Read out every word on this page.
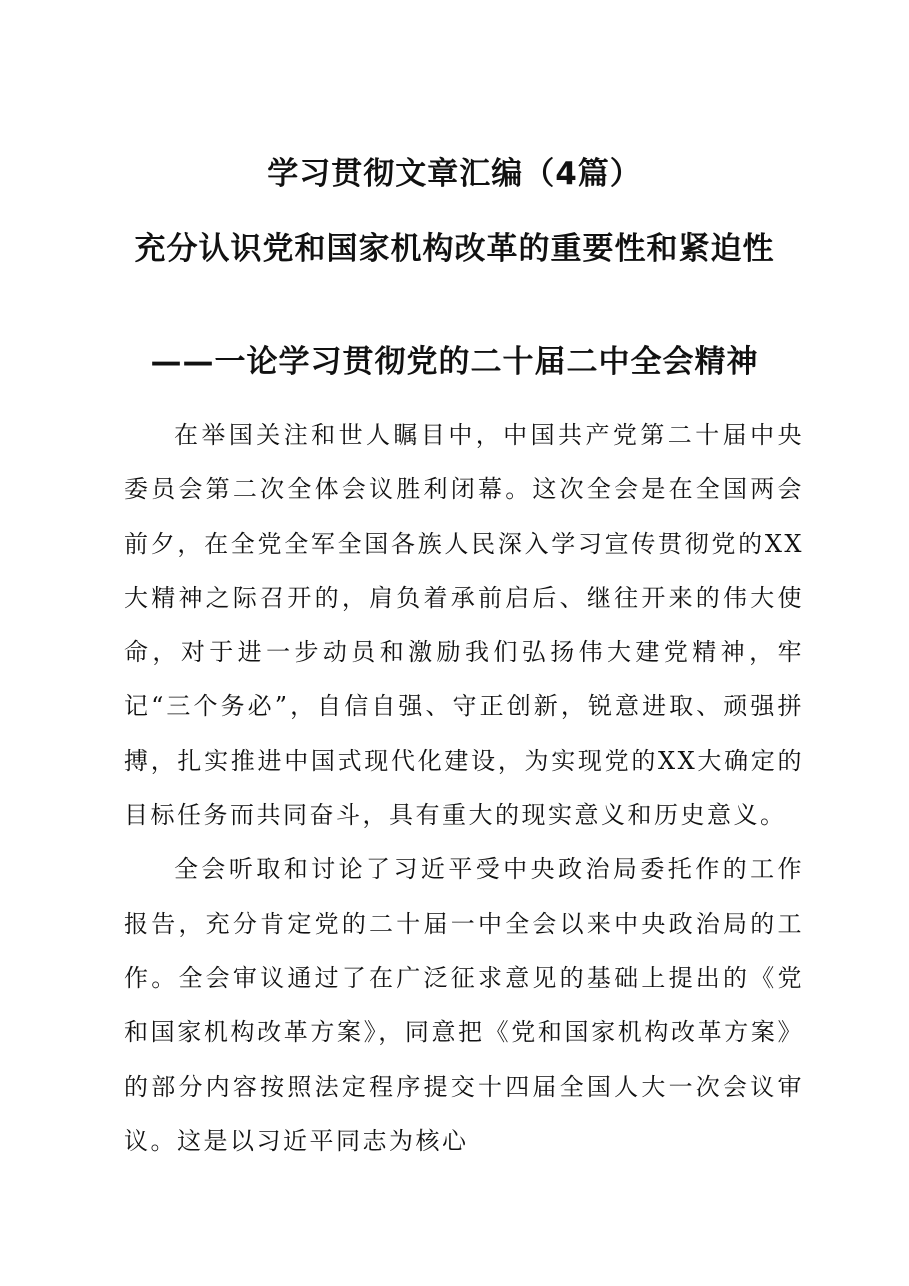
学习贯彻文章汇编（4篇）
充分认识党和国家机构改革的重要性和紧迫性
——一论学习贯彻党的二十届二中全会精神

在举国关注和世人瞩目中，中国共产党第二十届中央委员会第二次全体会议胜利闭幕。这次全会是在全国两会前夕，在全党全军全国各族人民深入学习宣传贯彻党的XX大精神之际召开的，肩负着承前启后、继往开来的伟大使命，对于进一步动员和激励我们弘扬伟大建党精神，牢记“三个务必”，自信自强、守正创新，锐意进取、顽强拼搏，扎实推进中国式现代化建设，为实现党的XX大确定的目标任务而共同奋斗，具有重大的现实意义和历史意义。

全会听取和讨论了习近平受中央政治局委托作的工作报告，充分肯定党的二十届一中全会以来中央政治局的工作。全会审议通过了在广泛征求意见的基础上提出的《党和国家机构改革方案》，同意把《党和国家机构改革方案》的部分内容按照法定程序提交十四届全国人大一次会议审议。这是以习近平同志为核心
